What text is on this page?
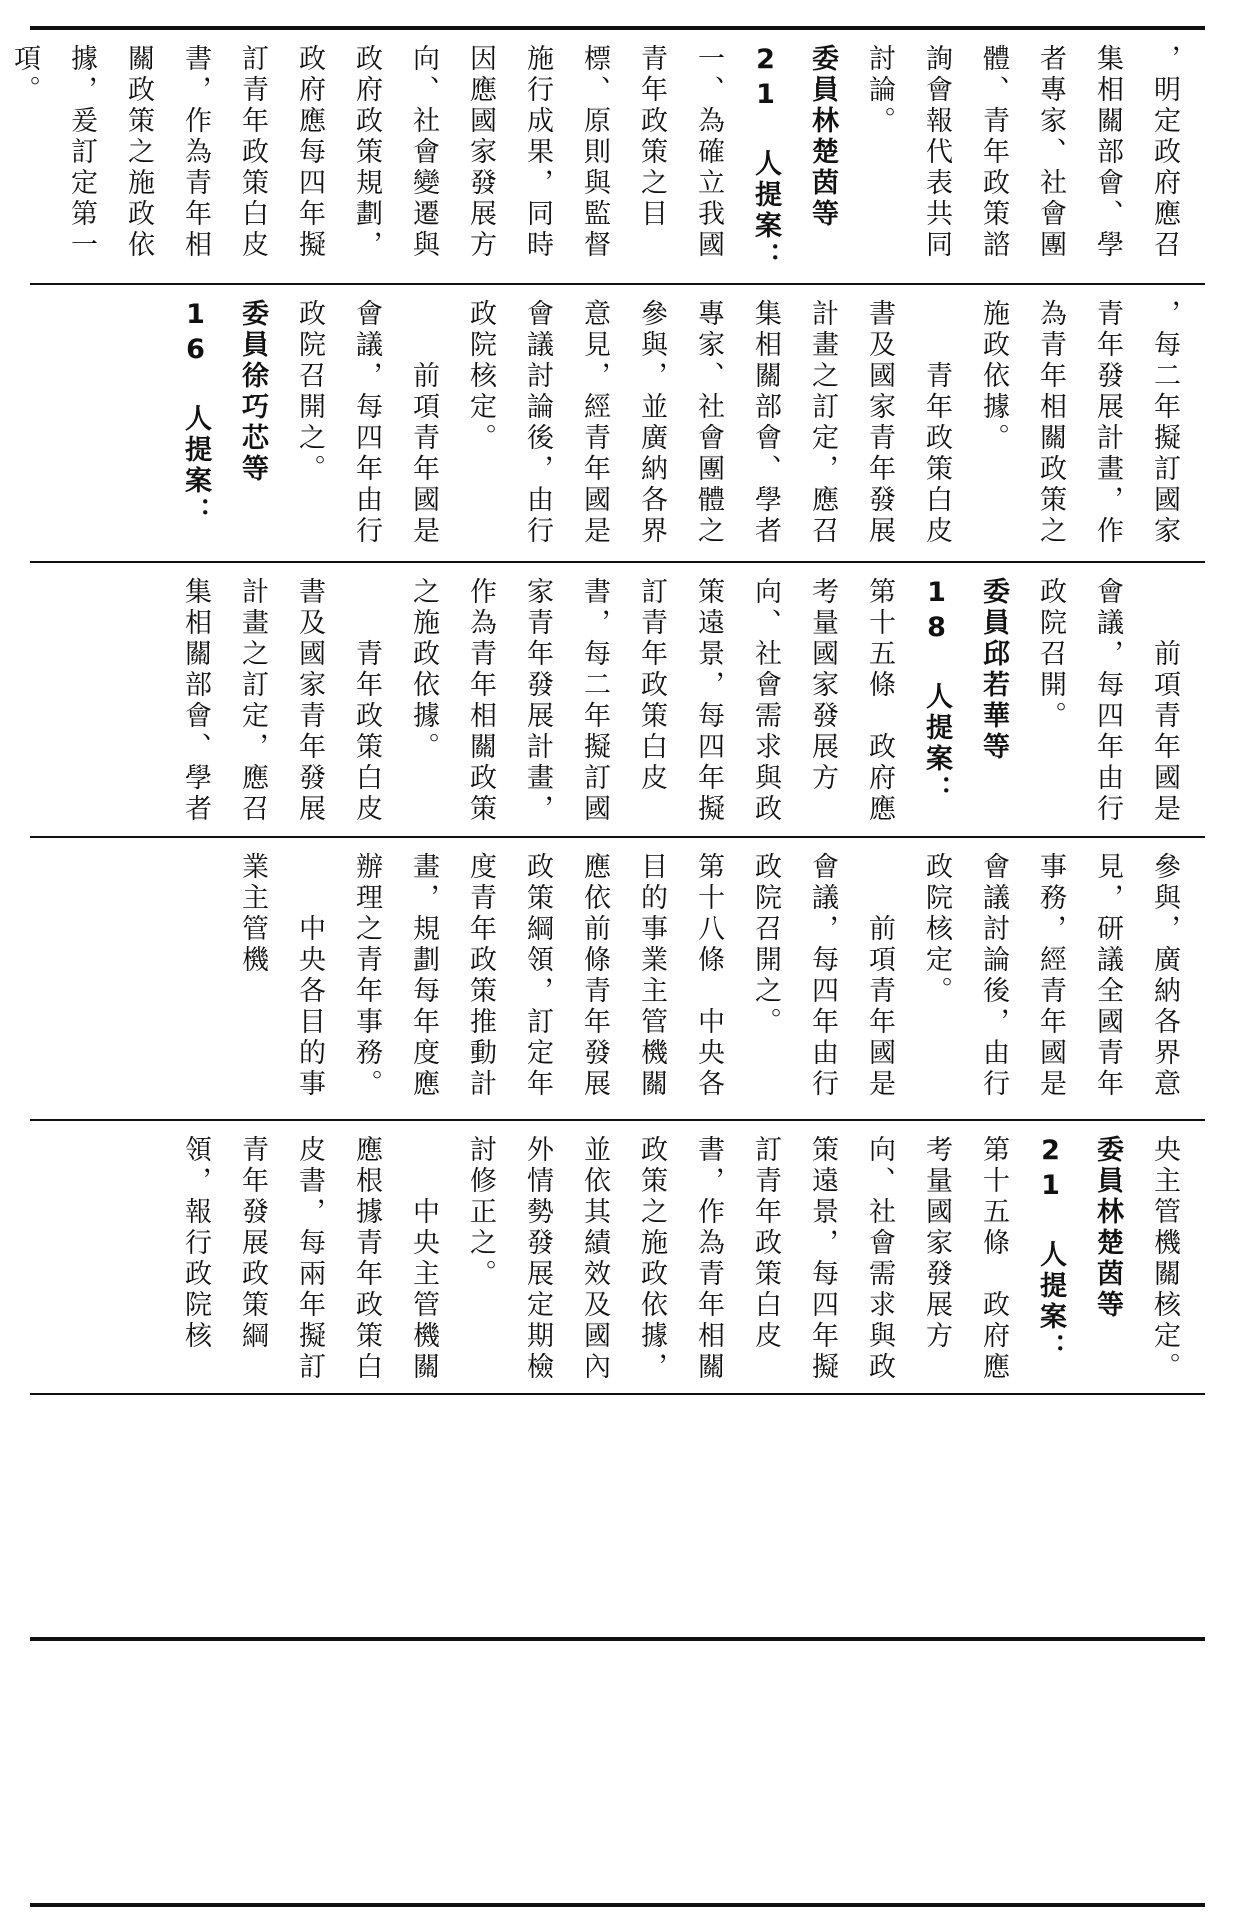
，明定政府應召集相關部會、學者專家、社會團體、青年政策諮詢會報代表共同討論。
委員林楚茵等 21 人提案：
一、為確立我國青年政策之目標、原則與監督施行成果，同時因應國家發展方向、社會變遷與政府政策規劃，政府應每四年擬訂青年政策白皮書，作為青年相關政策之施政依據，爰訂定第一項。

，每二年擬訂國家青年發展計畫，作為青年相關政策之施政依據。
　　青年政策白皮書及國家青年發展計畫之訂定，應召集相關部會、學者專家、社會團體之參與，並廣納各界意見，經青年國是會議討論後，由行政院核定。
　　前項青年國是會議，每四年由行政院召開之。
委員徐巧芯等 16 人提案：
　　前項青年國是會議，每四年由行政院召開。
委員邱若華等 18 人提案：
第十五條　政府應考量國家發展方向、社會需求與政策遠景，每四年擬訂青年政策白皮書，每二年擬訂國家青年發展計畫，作為青年相關政策之施政依據。
　　青年政策白皮書及國家青年發展計畫之訂定，應召集相關部會、學者
參與，廣納各界意見，研議全國青年事務，經青年國是會議討論後，由行政院核定。
　　前項青年國是會議，每四年由行政院召開之。
第十八條　中央各目的事業主管機關應依前條青年發展政策綱領，訂定年度青年政策推動計畫，規劃每年度應辦理之青年事務。
　　中央各目的事業主管機
央主管機關核定。
委員林楚茵等 21 人提案：
第十五條　政府應考量國家發展方向、社會需求與政策遠景，每四年擬訂青年政策白皮書，作為青年相關政策之施政依據，並依其績效及國內外情勢發展定期檢討修正之。
　　中央主管機關應根據青年政策白皮書，每兩年擬訂青年發展政策綱領，報行政院核
